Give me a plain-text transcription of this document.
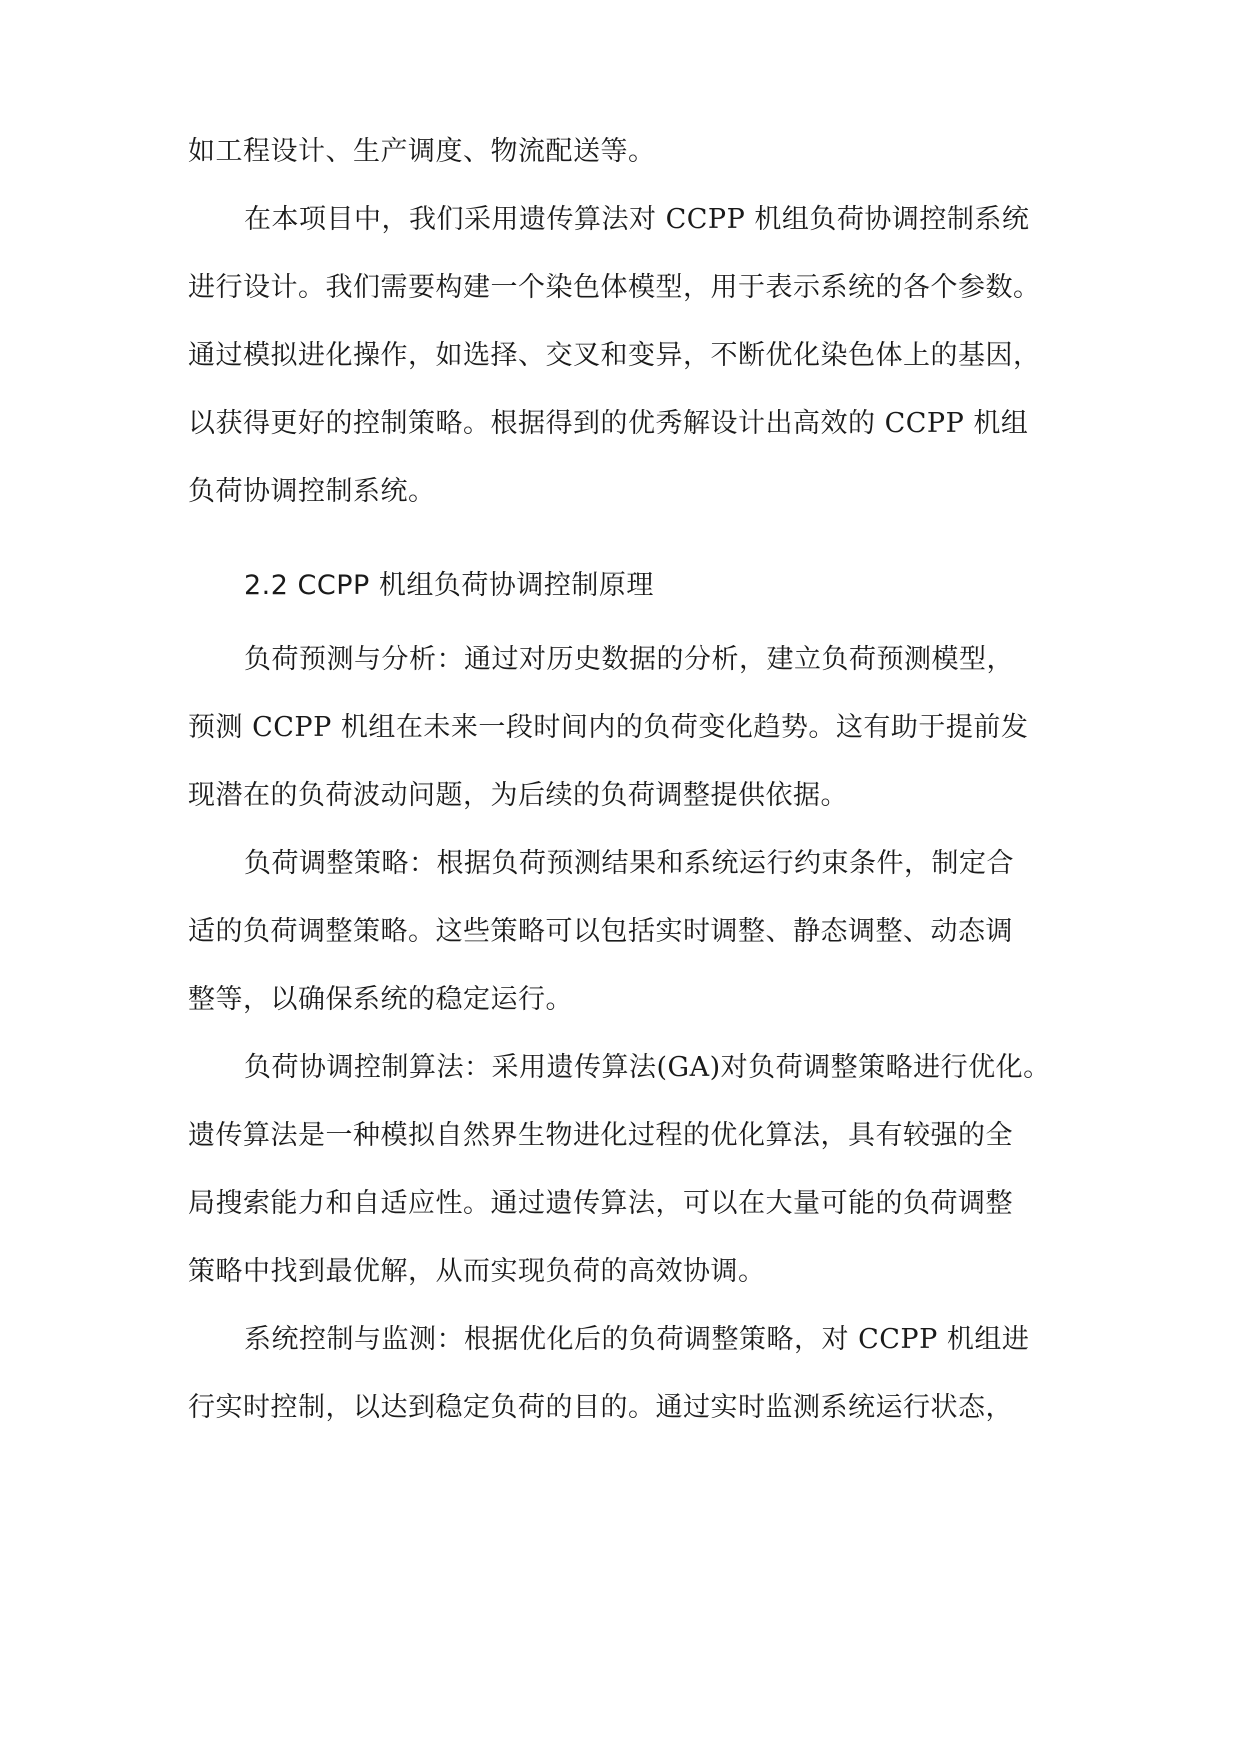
如工程设计、生产调度、物流配送等。
在本项目中，我们采用遗传算法对 CCPP 机组负荷协调控制系统
进行设计。我们需要构建一个染色体模型，用于表示系统的各个参数。
通过模拟进化操作，如选择、交叉和变异，不断优化染色体上的基因，
以获得更好的控制策略。根据得到的优秀解设计出高效的 CCPP 机组
负荷协调控制系统。
2.2 CCPP 机组负荷协调控制原理
负荷预测与分析：通过对历史数据的分析，建立负荷预测模型，
预测 CCPP 机组在未来一段时间内的负荷变化趋势。这有助于提前发
现潜在的负荷波动问题，为后续的负荷调整提供依据。
负荷调整策略：根据负荷预测结果和系统运行约束条件，制定合
适的负荷调整策略。这些策略可以包括实时调整、静态调整、动态调
整等，以确保系统的稳定运行。
负荷协调控制算法：采用遗传算法(GA)对负荷调整策略进行优化。
遗传算法是一种模拟自然界生物进化过程的优化算法，具有较强的全
局搜索能力和自适应性。通过遗传算法，可以在大量可能的负荷调整
策略中找到最优解，从而实现负荷的高效协调。
系统控制与监测：根据优化后的负荷调整策略，对 CCPP 机组进
行实时控制，以达到稳定负荷的目的。通过实时监测系统运行状态，
